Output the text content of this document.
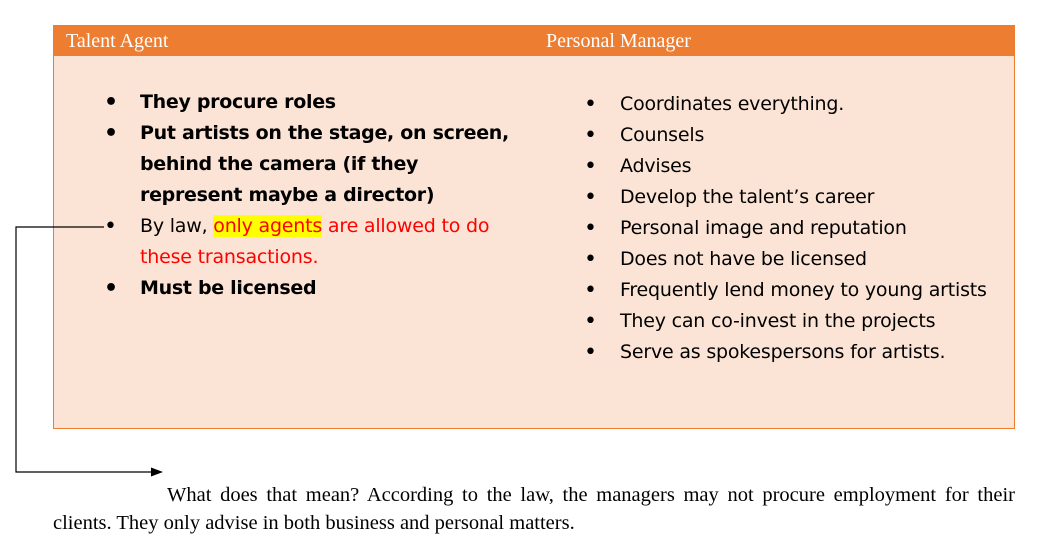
Talent Agent	Personal Manager
• They procure roles
• Put artists on the stage, on screen, behind the camera (if they represent maybe a director)
• By law, only agents are allowed to do these transactions.
• Must be licensed
• Coordinates everything.
• Counsels
• Advises
• Develop the talent’s career
• Personal image and reputation
• Does not have be licensed
• Frequently lend money to young artists
• They can co-invest in the projects
• Serve as spokespersons for artists.

What does that mean? According to the law, the managers may not procure employment for their clients. They only advise in both business and personal matters.
